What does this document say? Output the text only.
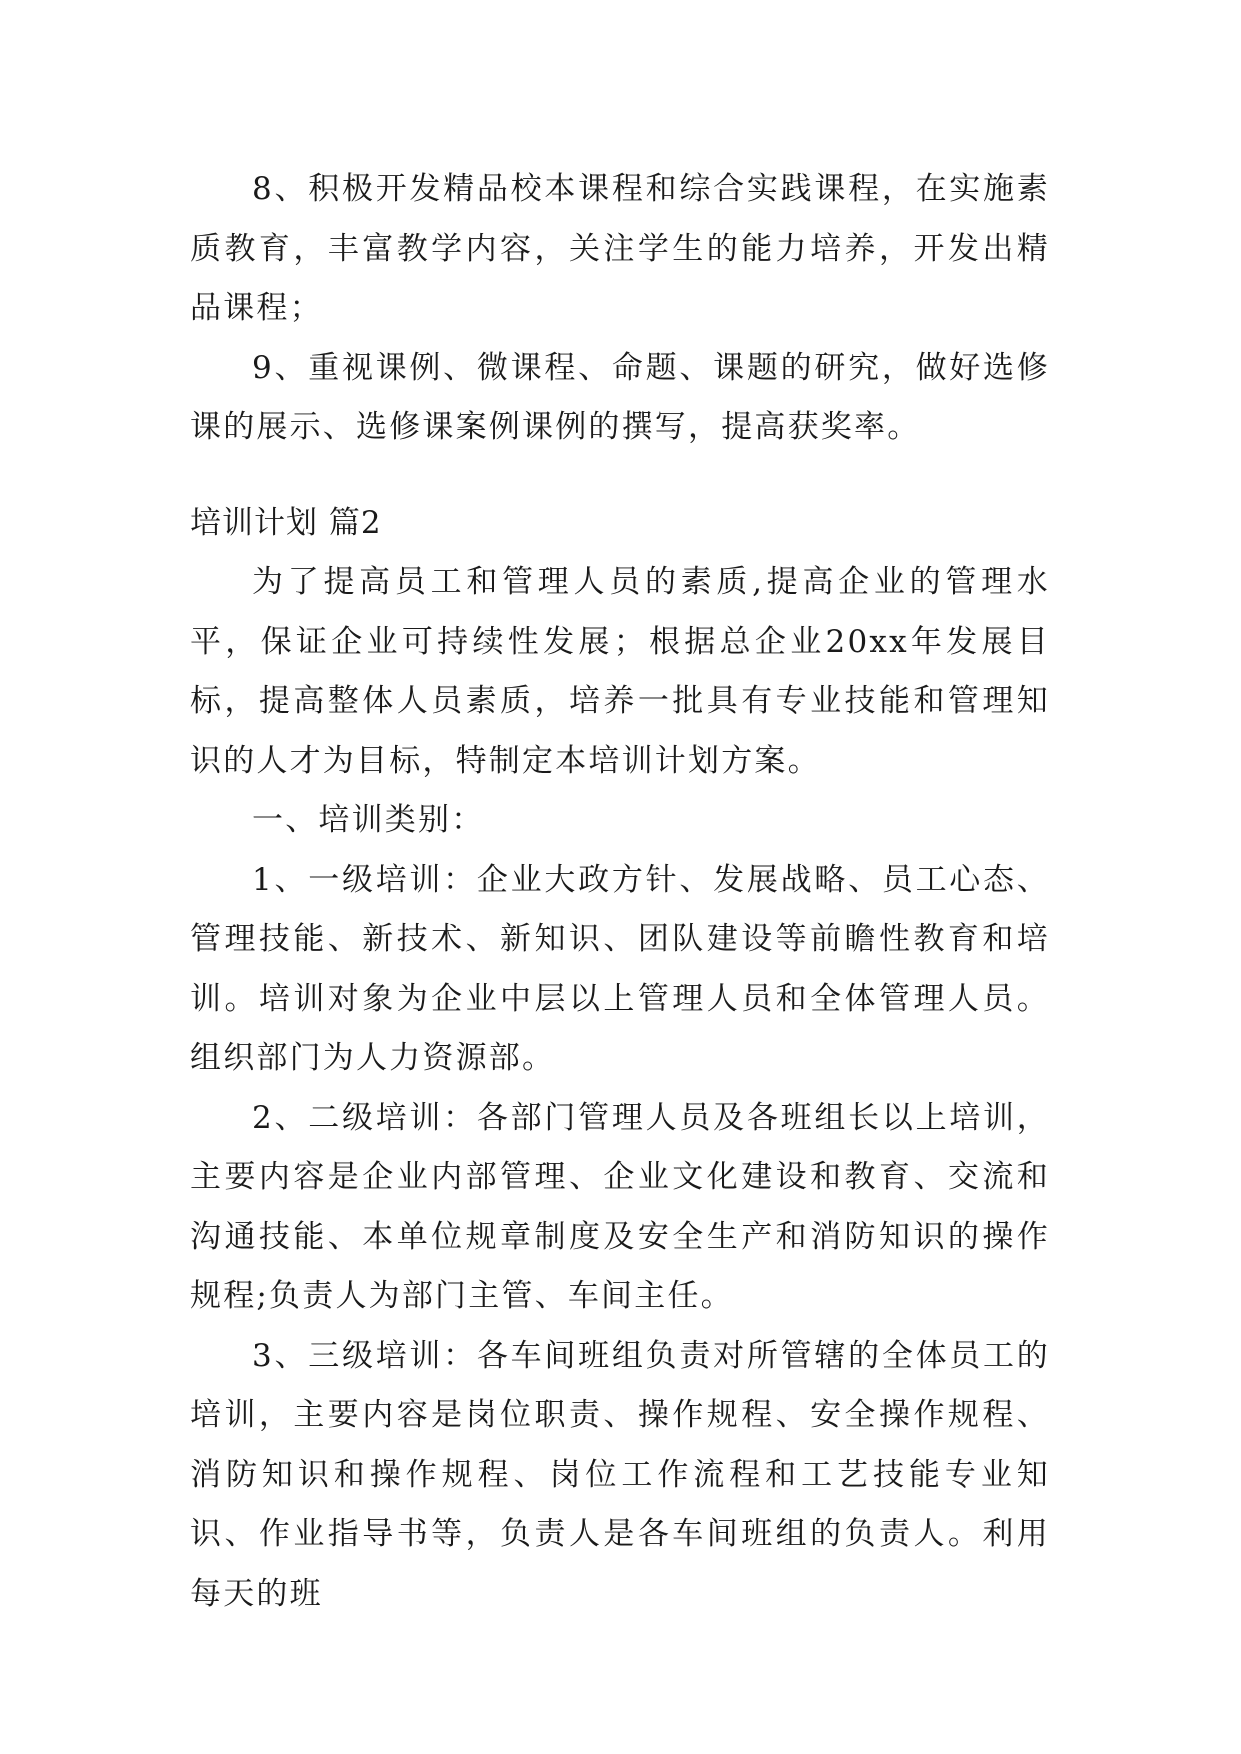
8、积极开发精品校本课程和综合实践课程，在实施素质教育，丰富教学内容，关注学生的能力培养，开发出精品课程；

9、重视课例、微课程、命题、课题的研究，做好选修课的展示、选修课案例课例的撰写，提高获奖率。

培训计划 篇2

为了提高员工和管理人员的素质,提高企业的管理水平，保证企业可持续性发展；根据总企业20xx年发展目标，提高整体人员素质，培养一批具有专业技能和管理知识的人才为目标，特制定本培训计划方案。

一、培训类别：

1、一级培训：企业大政方针、发展战略、员工心态、管理技能、新技术、新知识、团队建设等前瞻性教育和培训。培训对象为企业中层以上管理人员和全体管理人员。组织部门为人力资源部。

2、二级培训：各部门管理人员及各班组长以上培训，主要内容是企业内部管理、企业文化建设和教育、交流和沟通技能、本单位规章制度及安全生产和消防知识的操作规程;负责人为部门主管、车间主任。

3、三级培训：各车间班组负责对所管辖的全体员工的培训，主要内容是岗位职责、操作规程、安全操作规程、消防知识和操作规程、岗位工作流程和工艺技能专业知识、作业指导书等，负责人是各车间班组的负责人。利用每天的班
